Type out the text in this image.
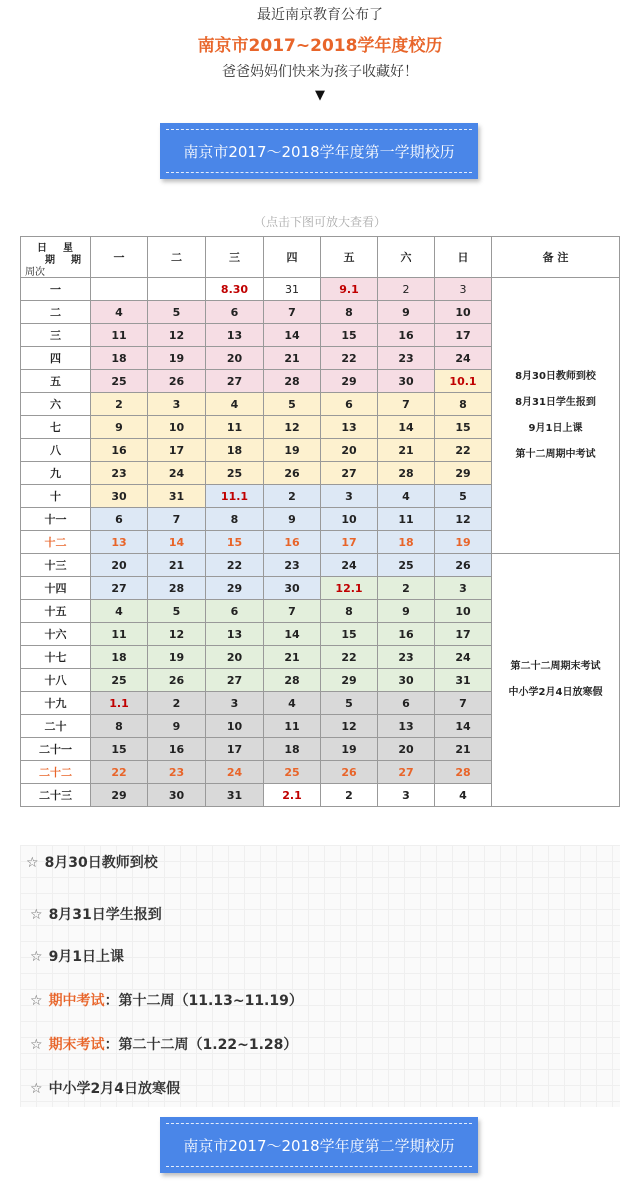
最近南京教育公布了
南京市2017~2018学年度校历
爸爸妈妈们快来为孩子收藏好！
▼
南京市2017～2018学年度第一学期校历
（点击下图可放大查看）
日 星
期 期
周次	一	二	三	四	五	六	日	备 注
一			8.30	31	9.1	2	3	8月30日教师到校
8月31日学生报到
9月1日上课
第十二周期中考试

二	4	5	6	7	8	9	10	
三	11	12	13	14	15	16	17	
四	18	19	20	21	22	23	24	
五	25	26	27	28	29	30	10.1	
六	2	3	4	5	6	7	8	
七	9	10	11	12	13	14	15	
八	16	17	18	19	20	21	22	
九	23	24	25	26	27	28	29	
十	30	31	11.1	2	3	4	5	
十一	6	7	8	9	10	11	12	
十二	13	14	15	16	17	18	19	
十三	20	21	22	23	24	25	26	第二十二周期末考试
中小学2月4日放寒假

十四	27	28	29	30	12.1	2	3	
十五	4	5	6	7	8	9	10	
十六	11	12	13	14	15	16	17	
十七	18	19	20	21	22	23	24	
十八	25	26	27	28	29	30	31	
十九	1.1	2	3	4	5	6	7	
二十	8	9	10	11	12	13	14	
二十一	15	16	17	18	19	20	21	
二十二	22	23	24	25	26	27	28	
二十三	29	30	31	2.1	2	3	4	
☆ 8月30日教师到校
☆ 8月31日学生报到
☆ 9月1日上课
☆ 期中考试：第十二周（11.13~11.19）
☆ 期末考试：第二十二周（1.22~1.28）
☆ 中小学2月4日放寒假
南京市2017～2018学年度第二学期校历
